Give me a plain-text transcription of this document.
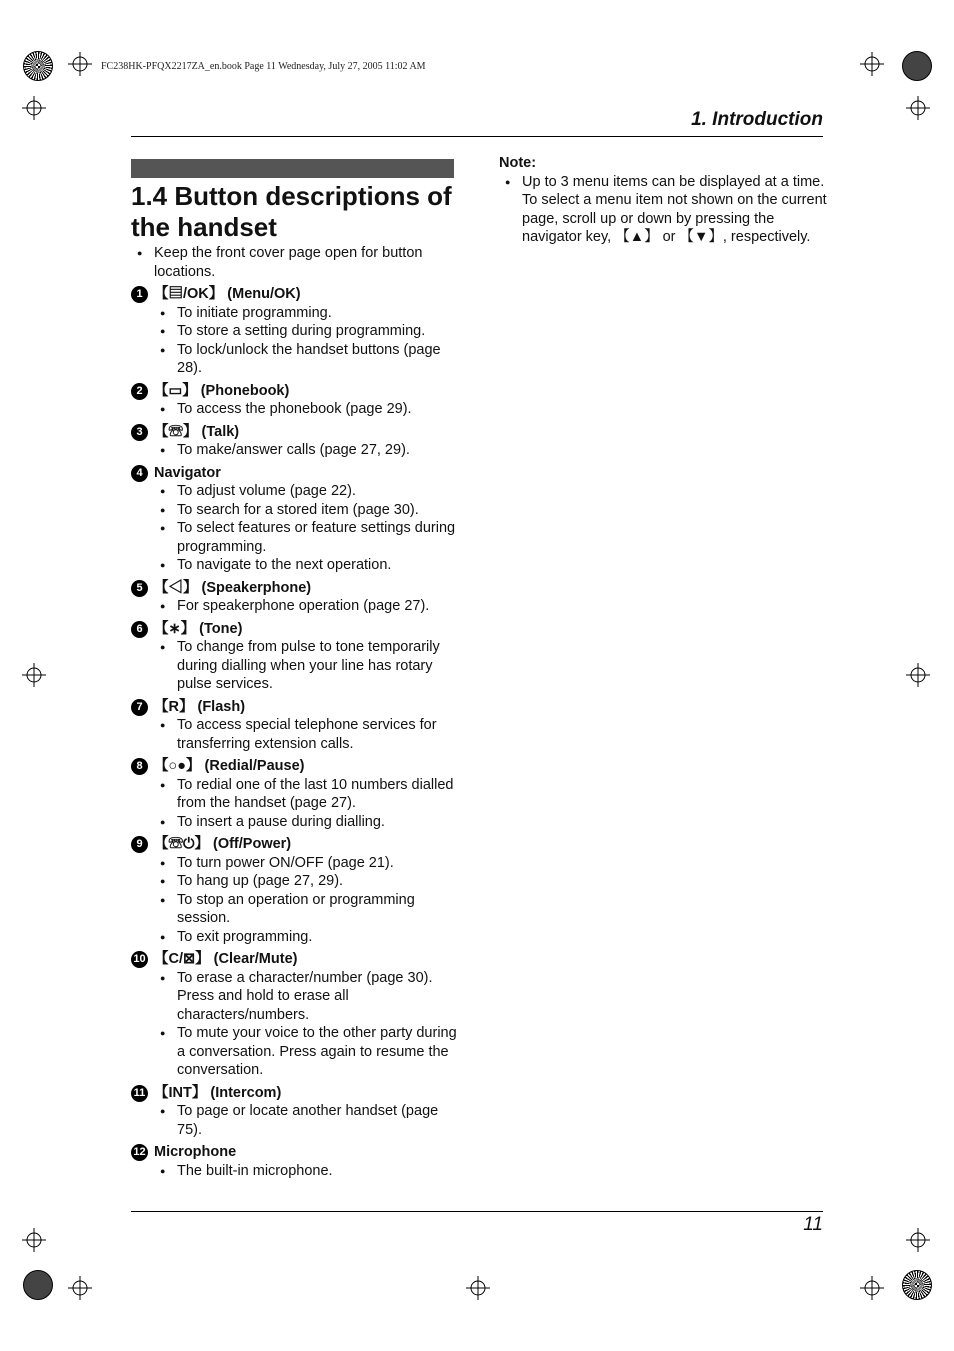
FC238HK-PFQX2217ZA_en.book Page 11 Wednesday, July 27, 2005 11:02 AM
1. Introduction
1.4 Button descriptions of the handset
● Keep the front cover page open for button locations.
1 【▤/OK】 (Menu/OK)
● To initiate programming.
● To store a setting during programming.
● To lock/unlock the handset buttons (page 28).
2 【▭】 (Phonebook)
● To access the phonebook (page 29).
3 【☏】 (Talk)
● To make/answer calls (page 27, 29).
4 Navigator
● To adjust volume (page 22).
● To search for a stored item (page 30).
● To select features or feature settings during programming.
● To navigate to the next operation.
5 【◁】 (Speakerphone)
● For speakerphone operation (page 27).
6 【∗】 (Tone)
● To change from pulse to tone temporarily during dialling when your line has rotary pulse services.
7 【R】 (Flash)
● To access special telephone services for transferring extension calls.
8 【○●】 (Redial/Pause)
● To redial one of the last 10 numbers dialled from the handset (page 27).
● To insert a pause during dialling.
9 【☏⏻】 (Off/Power)
● To turn power ON/OFF (page 21).
● To hang up (page 27, 29).
● To stop an operation or programming session.
● To exit programming.
10 【C/⊠】 (Clear/Mute)
● To erase a character/number (page 30). Press and hold to erase all characters/numbers.
● To mute your voice to the other party during a conversation. Press again to resume the conversation.
11 【INT】 (Intercom)
● To page or locate another handset (page 75).
12 Microphone
● The built-in microphone.
Note:
● Up to 3 menu items can be displayed at a time. To select a menu item not shown on the current page, scroll up or down by pressing the navigator key, 【▲】 or 【▼】, respectively.
11
